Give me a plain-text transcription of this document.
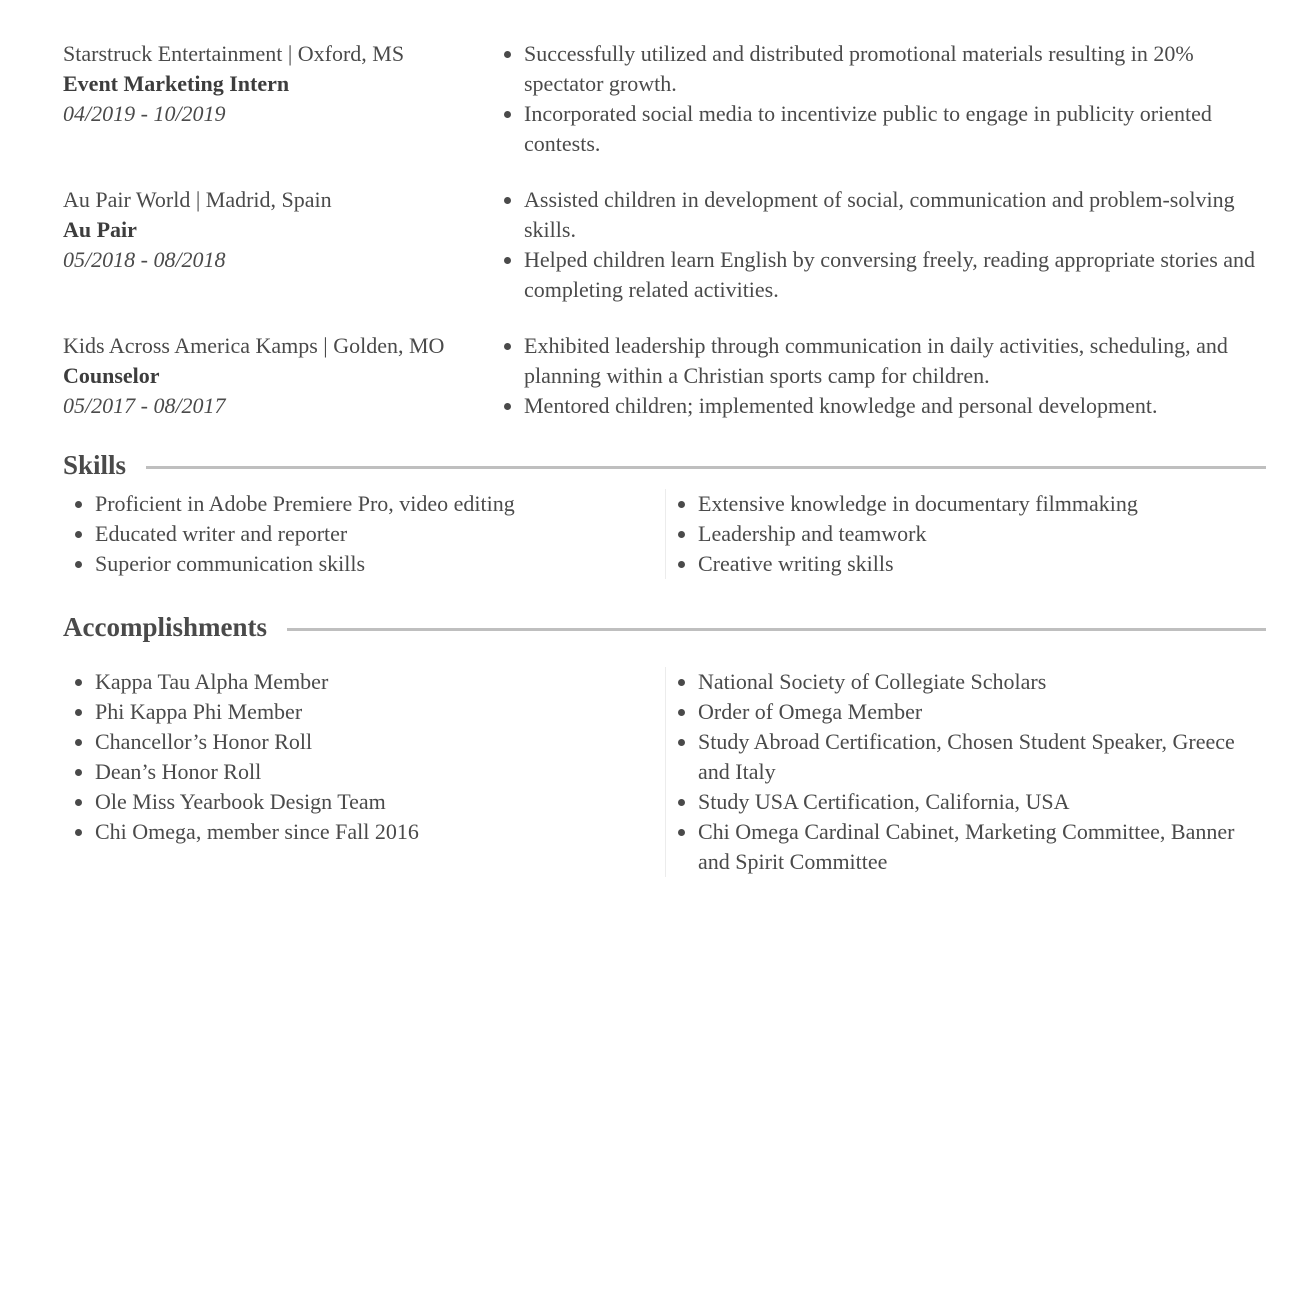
Starstruck Entertainment | Oxford, MS
Event Marketing Intern
04/2019 - 10/2019
Successfully utilized and distributed promotional materials resulting in 20% spectator growth.
Incorporated social media to incentivize public to engage in publicity oriented contests.
Au Pair World | Madrid, Spain
Au Pair
05/2018 - 08/2018
Assisted children in development of social, communication and problem-solving skills.
Helped children learn English by conversing freely, reading appropriate stories and completing related activities.
Kids Across America Kamps | Golden, MO
Counselor
05/2017 - 08/2017
Exhibited leadership through communication in daily activities, scheduling, and planning within a Christian sports camp for children.
Mentored children; implemented knowledge and personal development.
Skills
Proficient in Adobe Premiere Pro, video editing
Educated writer and reporter
Superior communication skills
Extensive knowledge in documentary filmmaking
Leadership and teamwork
Creative writing skills
Accomplishments
Kappa Tau Alpha Member
Phi Kappa Phi Member
Chancellor’s Honor Roll
Dean’s Honor Roll
Ole Miss Yearbook Design Team
Chi Omega, member since Fall 2016
National Society of Collegiate Scholars
Order of Omega Member
Study Abroad Certification, Chosen Student Speaker, Greece and Italy
Study USA Certification, California, USA
Chi Omega Cardinal Cabinet, Marketing Committee, Banner and Spirit Committee
